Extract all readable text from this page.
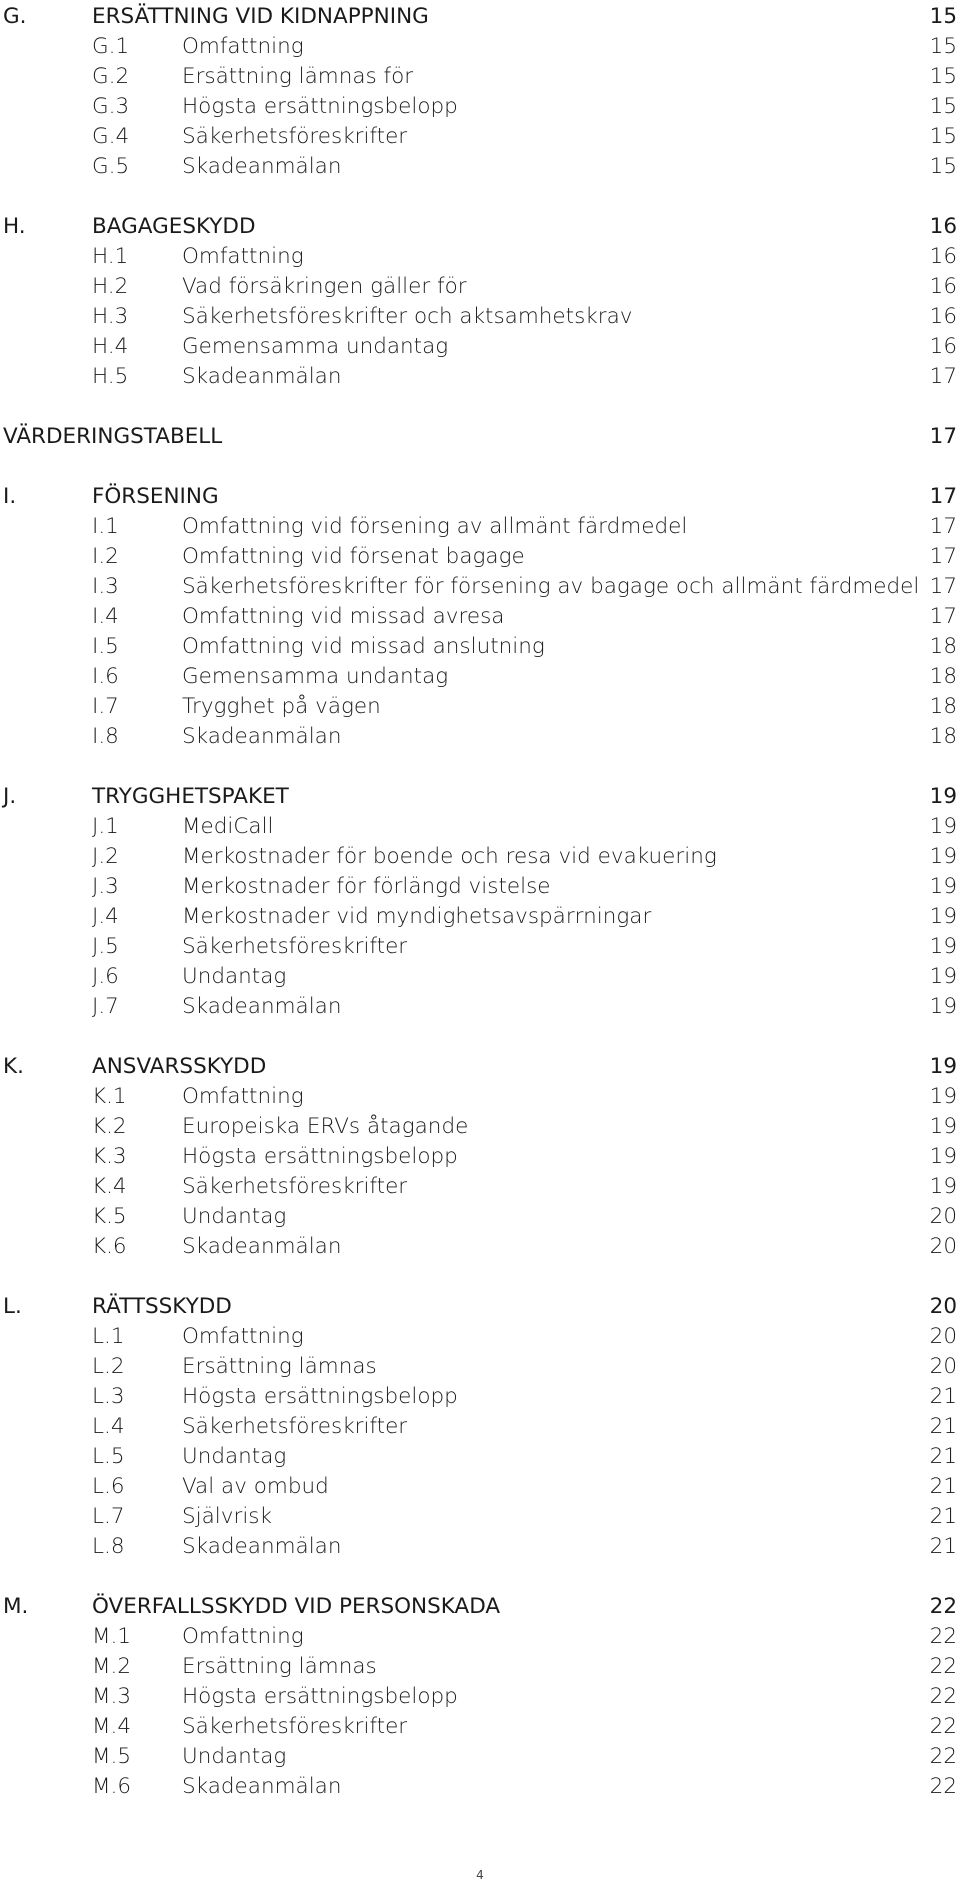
G.	ERSÄTTNING VID KIDNAPPNING	15
G.1 Omfattning	15
G.2 Ersättning lämnas för	15
G.3 Högsta ersättningsbelopp	15
G.4 Säkerhetsföreskrifter	15
G.5 Skadeanmälan	15
H.	BAGAGESKYDD	16
H.1 Omfattning	16
H.2 Vad försäkringen gäller för	16
H.3 Säkerhetsföreskrifter och aktsamhetskrav	16
H.4 Gemensamma undantag	16
H.5 Skadeanmälan	17
VÄRDERINGSTABELL	17
I.	FÖRSENING	17
I.1	Omfattning vid försening av allmänt färdmedel	17
I.2	Omfattning vid försenat bagage	17
I.3	Säkerhetsföreskrifter för försening av bagage och allmänt färdmedel 17
I.4	Omfattning vid missad avresa	17
I.5	Omfattning vid missad anslutning	18
I.6	Gemensamma undantag	18
I.7	Trygghet på vägen	18
I.8	Skadeanmälan	18
J.	TRYGGHETSPAKET	19
J.1	MediCall	19
J.2	Merkostnader för boende och resa vid evakuering	19
J.3	Merkostnader för förlängd vistelse	19
J.4	Merkostnader vid myndighetsavspärrningar	19
J.5	Säkerhetsföreskrifter	19
J.6	Undantag	19
J.7	Skadeanmälan	19
K.	ANSVARSSKYDD	19
K.1	Omfattning	19
K.2	Europeiska ERVs åtagande	19
K.3	Högsta ersättningsbelopp	19
K.4	Säkerhetsföreskrifter	19
K.5	Undantag	20
K.6	Skadeanmälan	20
L.	RÄTTSSKYDD	20
L.1	Omfattning	20
L.2	Ersättning lämnas	20
L.3	Högsta ersättningsbelopp	21
L.4	Säkerhetsföreskrifter	21
L.5	Undantag	21
L.6	Val av ombud	21
L.7	Självrisk	21
L.8	Skadeanmälan	21
M.	ÖVERFALLSSKYDD VID PERSONSKADA	22
M.1 Omfattning	22
M.2 Ersättning lämnas	22
M.3 Högsta ersättningsbelopp	22
M.4 Säkerhetsföreskrifter	22
M.5 Undantag	22
M.6 Skadeanmälan	22
4
